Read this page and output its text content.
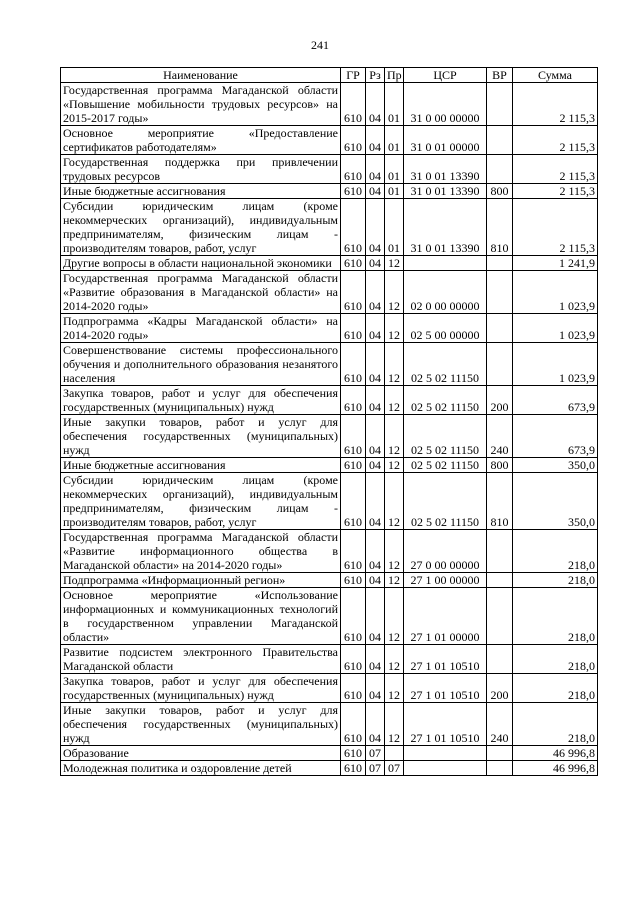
241
Наименование	ГР	Рз	Пр	ЦСР	ВР	Сумма
Государственная программа Магаданской области «Повышение мобильности трудовых ресурсов» на 2015-2017 годы»	610	04	01	31 0 00 00000		2 115,3
Основное мероприятие «Предоставление сертификатов работодателям»	610	04	01	31 0 01 00000		2 115,3
Государственная поддержка при привлечении трудовых ресурсов	610	04	01	31 0 01 13390		2 115,3
Иные бюджетные ассигнования	610	04	01	31 0 01 13390	800	2 115,3
Субсидии юридическим лицам (кроме некоммерческих организаций), индивидуальным предпринимателям, физическим лицам - производителям товаров, работ, услуг	610	04	01	31 0 01 13390	810	2 115,3
Другие вопросы в области национальной экономики	610	04	12			1 241,9
Государственная программа Магаданской области «Развитие образования в Магаданской области» на 2014-2020 годы»	610	04	12	02 0 00 00000		1 023,9
Подпрограмма «Кадры Магаданской области» на 2014-2020 годы»	610	04	12	02 5 00 00000		1 023,9
Совершенствование системы профессионального обучения и дополнительного образования незанятого населения	610	04	12	02 5 02 11150		1 023,9
Закупка товаров, работ и услуг для обеспечения государственных (муниципальных) нужд	610	04	12	02 5 02 11150	200	673,9
Иные закупки товаров, работ и услуг для обеспечения государственных (муниципальных) нужд	610	04	12	02 5 02 11150	240	673,9
Иные бюджетные ассигнования	610	04	12	02 5 02 11150	800	350,0
Субсидии юридическим лицам (кроме некоммерческих организаций), индивидуальным предпринимателям, физическим лицам - производителям товаров, работ, услуг	610	04	12	02 5 02 11150	810	350,0
Государственная программа Магаданской области «Развитие информационного общества в Магаданской области» на 2014-2020 годы»	610	04	12	27 0 00 00000		218,0
Подпрограмма «Информационный регион»	610	04	12	27 1 00 00000		218,0
Основное мероприятие «Использование информационных и коммуникационных технологий в государственном управлении Магаданской области»	610	04	12	27 1 01 00000		218,0
Развитие подсистем электронного Правительства Магаданской области	610	04	12	27 1 01 10510		218,0
Закупка товаров, работ и услуг для обеспечения государственных (муниципальных) нужд	610	04	12	27 1 01 10510	200	218,0
Иные закупки товаров, работ и услуг для обеспечения государственных (муниципальных) нужд	610	04	12	27 1 01 10510	240	218,0
Образование	610	07				46 996,8
Молодежная политика и оздоровление детей	610	07	07			46 996,8
